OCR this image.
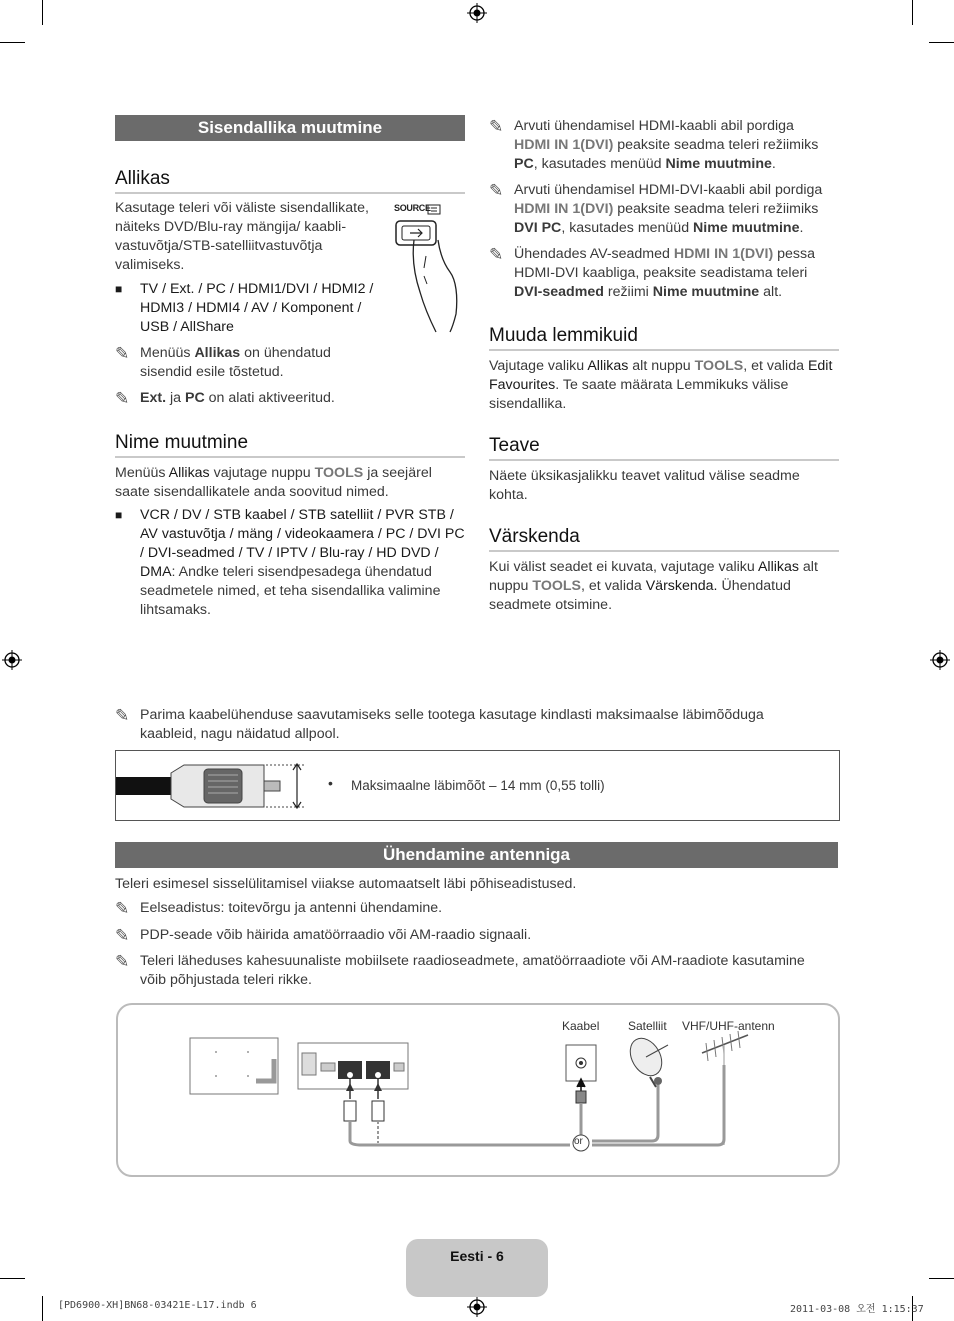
Sisendallika muutmine
Allikas
Kasutage teleri või väliste sisendallikate, näiteks DVD/Blu-ray mängija/ kaablivastuvõtja/STB-satelliitvastuvõtja valimiseks.
SOURCE
■ TV / Ext. / PC / HDMI1/DVI / HDMI2 / HDMI3 / HDMI4 / AV / Komponent / USB / AllShare
✎ Menüüs Allikas on ühendatud sisendid esile tõstetud.
✎ Ext. ja PC on alati aktiveeritud.
Nime muutmine
Menüüs Allikas vajutage nuppu TOOLS ja seejärel saate sisendallikatele anda soovitud nimed.
■ VCR / DV / STB kaabel / STB satelliit / PVR STB / AV vastuvõtja / mäng / videokaamera / PC / DVI PC / DVI-seadmed / TV / IPTV / Blu-ray / HD DVD / DMA: Andke teleri sisendpesadega ühendatud seadmetele nimed, et teha sisendallika valimine lihtsamaks.
✎ Arvuti ühendamisel HDMI-kaabli abil pordiga HDMI IN 1(DVI) peaksite seadma teleri režiimiks PC, kasutades menüüd Nime muutmine.
✎ Arvuti ühendamisel HDMI-DVI-kaabli abil pordiga HDMI IN 1(DVI) peaksite seadma teleri režiimiks DVI PC, kasutades menüüd Nime muutmine.
✎ Ühendades AV-seadmed HDMI IN 1(DVI) pessa HDMI-DVI kaabliga, peaksite seadistama teleri DVI-seadmed režiimi Nime muutmine alt.
Muuda lemmikuid
Vajutage valiku Allikas alt nuppu TOOLS, et valida Edit Favourites. Te saate määrata Lemmikuks välise sisendallika.
Teave
Näete üksikasjalikku teavet valitud välise seadme kohta.
Värskenda
Kui välist seadet ei kuvata, vajutage valiku Allikas alt nuppu TOOLS, et valida Värskenda. Ühendatud seadmete otsimine.
✎ Parima kaabelühenduse saavutamiseks selle tootega kasutage kindlasti maksimaalse läbimõõduga kaableid, nagu näidatud allpool.
• Maksimaalne läbimõõt – 14 mm (0,55 tolli)
Ühendamine antenniga
Teleri esimesel sisselülitamisel viiakse automaatselt läbi põhiseadistused.
✎ Eelseadistus: toitevõrgu ja antenni ühendamine.
✎ PDP-seade võib häirida amatöörraadio või AM-raadio signaali.
✎ Teleri läheduses kahesuunaliste mobiilsete raadioseadmete, amatöörraadiote või AM-raadiote kasutamine võib põhjustada teleri rikke.
Kaabel Satelliit VHF/UHF-antenn
or
Eesti - 6
[PD6900-XH]BN68-03421E-L17.indb 6	2011-03-08 오전 1:15:37
